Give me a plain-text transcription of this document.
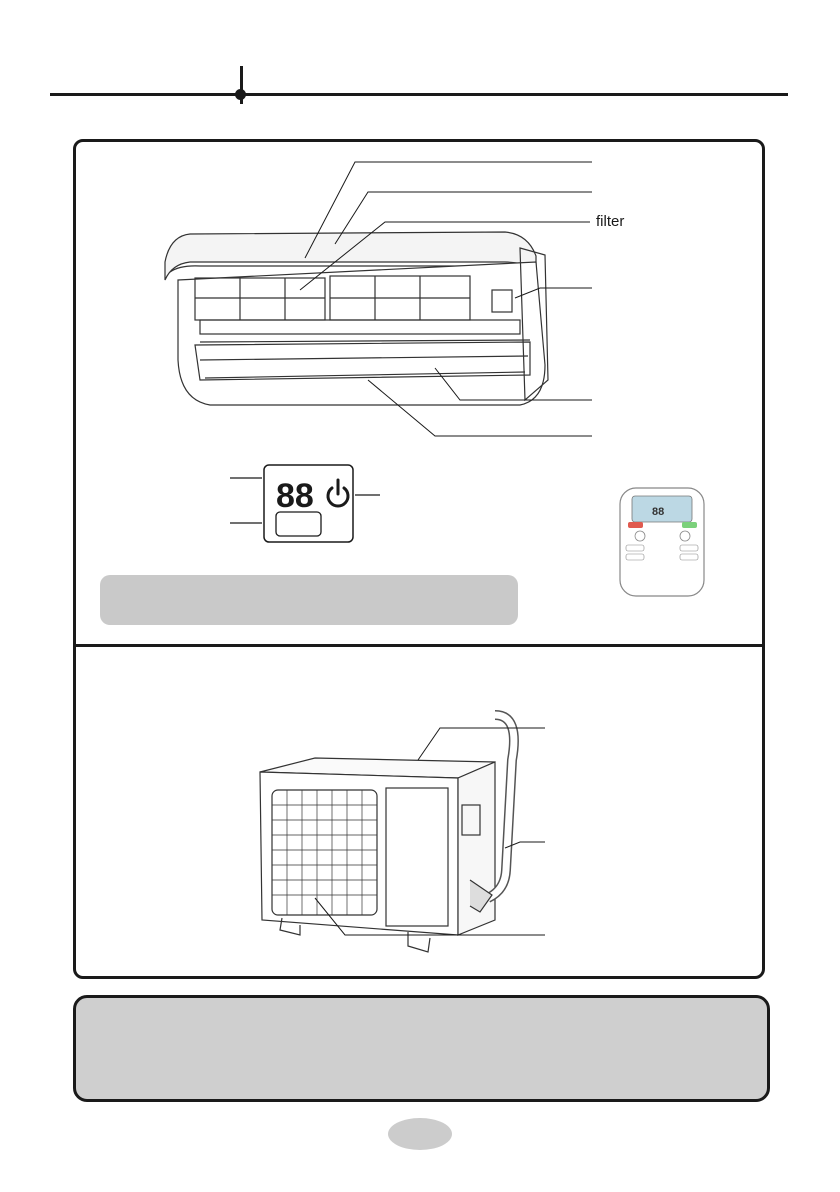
filter
88	88
